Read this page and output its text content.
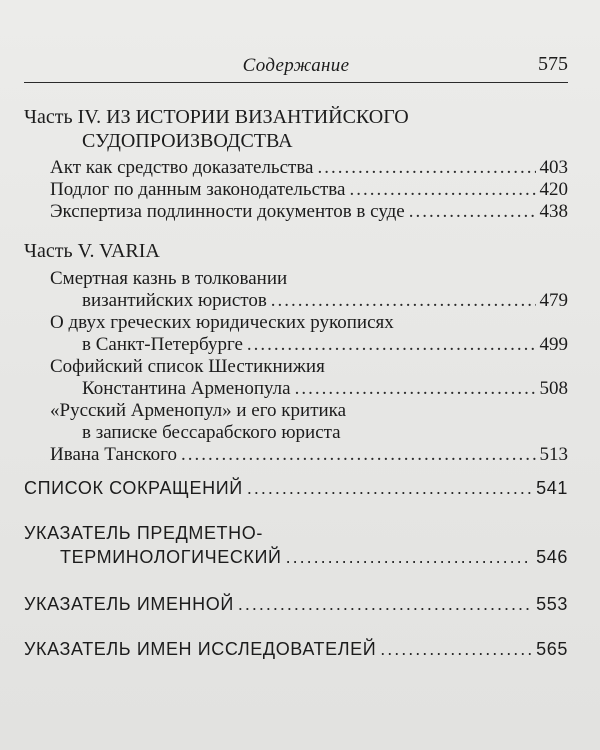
Содержание	575
Часть IV. ИЗ ИСТОРИИ ВИЗАНТИЙСКОГО
СУДОПРОИЗВОДСТВА
Акт как средство доказательства .....	403
Подлог по данным законодательства .....	420
Экспертиза подлинности документов в суде .....	438
Часть V. VARIA
Смертная казнь в толковании
византийских юристов .....	479
О двух греческих юридических рукописях
в Санкт-Петербурге .....	499
Софийский список Шестикнижия
Константина Арменопула .....	508
«Русский Арменопул» и его критика
в записке бессарабского юриста
Ивана Танского .....	513
СПИСОК СОКРАЩЕНИЙ .....	541
УКАЗАТЕЛЬ ПРЕДМЕТНО-
ТЕРМИНОЛОГИЧЕСКИЙ .....	546
УКАЗАТЕЛЬ ИМЕННОЙ .....	553
УКАЗАТЕЛЬ ИМЕН ИССЛЕДОВАТЕЛЕЙ .....	565
